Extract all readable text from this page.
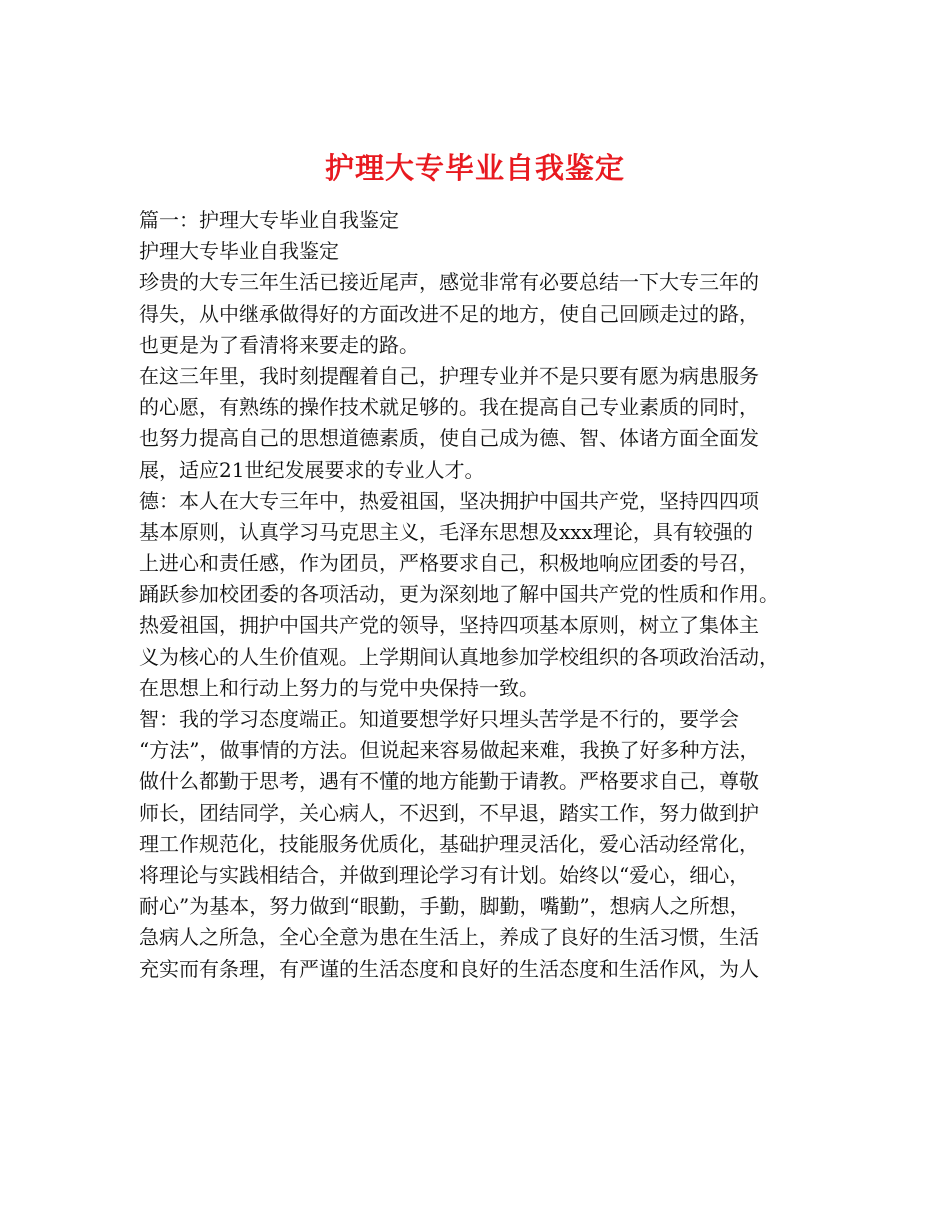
护理大专毕业自我鉴定
篇一：护理大专毕业自我鉴定
护理大专毕业自我鉴定
珍贵的大专三年生活已接近尾声，感觉非常有必要总结一下大专三年的
得失，从中继承做得好的方面改进不足的地方，使自己回顾走过的路，
也更是为了看清将来要走的路。
在这三年里，我时刻提醒着自己，护理专业并不是只要有愿为病患服务
的心愿，有熟练的操作技术就足够的。我在提高自己专业素质的同时，
也努力提高自己的思想道德素质，使自己成为德、智、体诸方面全面发
展，适应21世纪发展要求的专业人才。
德：本人在大专三年中，热爱祖国，坚决拥护中国共产党，坚持四四项
基本原则，认真学习马克思主义，毛泽东思想及xxx理论，具有较强的
上进心和责任感，作为团员，严格要求自己，积极地响应团委的号召，
踊跃参加校团委的各项活动，更为深刻地了解中国共产党的性质和作用。
热爱祖国，拥护中国共产党的领导，坚持四项基本原则，树立了集体主
义为核心的人生价值观。上学期间认真地参加学校组织的各项政治活动，
在思想上和行动上努力的与党中央保持一致。
智：我的学习态度端正。知道要想学好只埋头苦学是不行的，要学会
“方法”，做事情的方法。但说起来容易做起来难，我换了好多种方法，
做什么都勤于思考，遇有不懂的地方能勤于请教。严格要求自己，尊敬
师长，团结同学，关心病人，不迟到，不早退，踏实工作，努力做到护
理工作规范化，技能服务优质化，基础护理灵活化，爱心活动经常化，
将理论与实践相结合，并做到理论学习有计划。始终以“爱心，细心，
耐心”为基本，努力做到“眼勤，手勤，脚勤，嘴勤”，想病人之所想，
急病人之所急，全心全意为患在生活上，养成了良好的生活习惯，生活
充实而有条理，有严谨的生活态度和良好的生活态度和生活作风，为人
